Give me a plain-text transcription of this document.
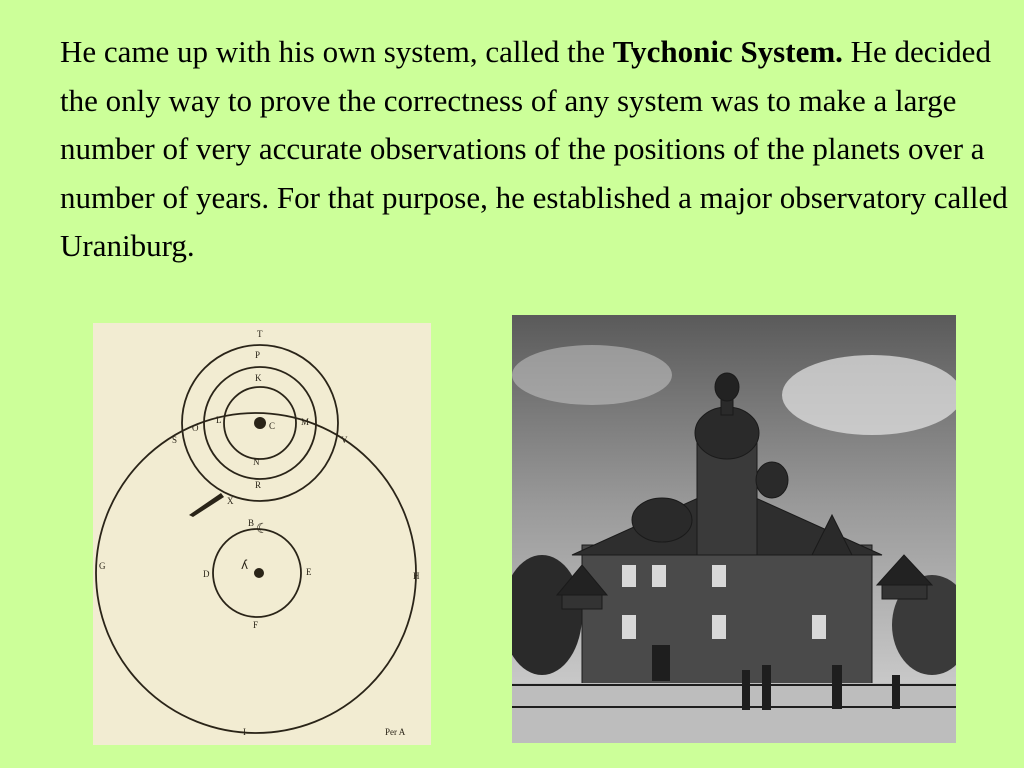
He came up with his own system, called the Tychonic System. He decided the only way to prove the correctness of any system was to make a large number of very accurate observations of the positions of the planets over a number of years. For that purpose, he established a major observatory called Uraniburg.
T
P
K
L
C	M
O
N
R
S	V
X
B
D	E
F
G
H
I
☾
ʎ
Per A
